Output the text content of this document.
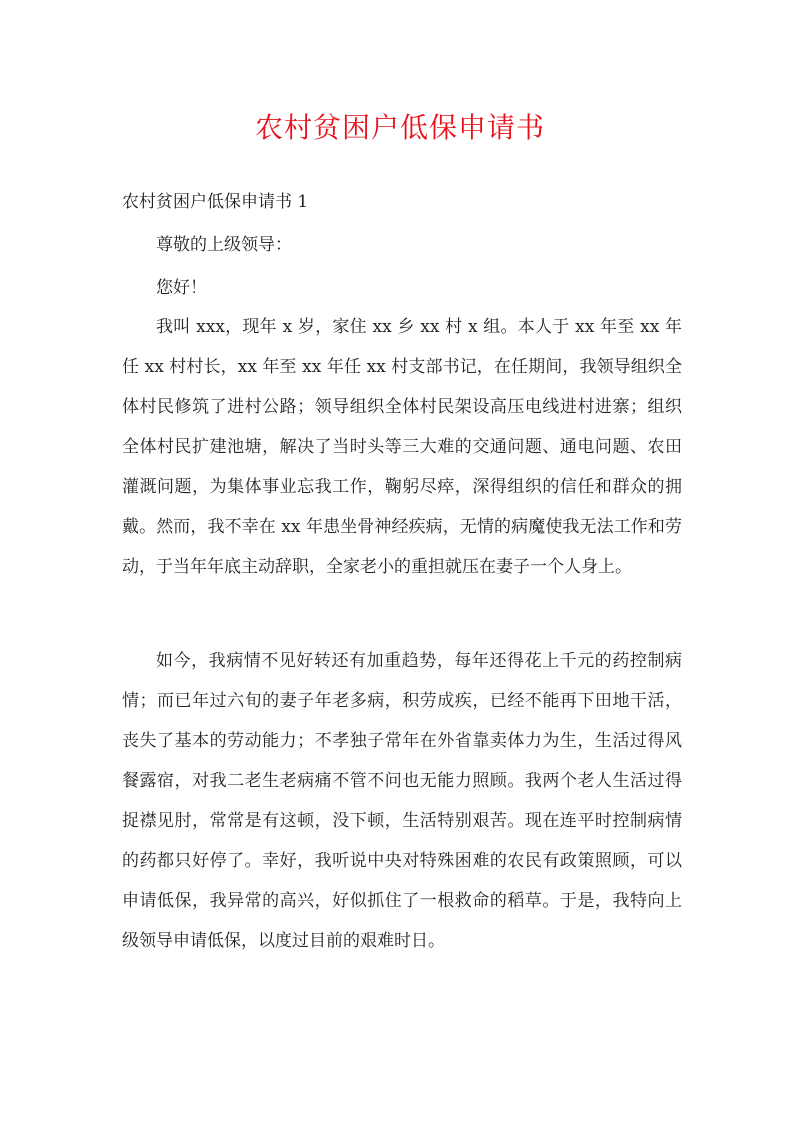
农村贫困户低保申请书

农村贫困户低保申请书 1

尊敬的上级领导：

您好！

我叫 xxx，现年 x 岁，家住 xx 乡 xx 村 x 组。本人于 xx 年至 xx 年任 xx 村村长，xx 年至 xx 年任 xx 村支部书记，在任期间，我领导组织全体村民修筑了进村公路；领导组织全体村民架设高压电线进村进寨；组织全体村民扩建池塘，解决了当时头等三大难的交通问题、通电问题、农田灌溉问题，为集体事业忘我工作，鞠躬尽瘁，深得组织的信任和群众的拥戴。然而，我不幸在 xx 年患坐骨神经疾病，无情的病魔使我无法工作和劳动，于当年年底主动辞职，全家老小的重担就压在妻子一个人身上。

如今，我病情不见好转还有加重趋势，每年还得花上千元的药控制病情；而已年过六旬的妻子年老多病，积劳成疾，已经不能再下田地干活，丧失了基本的劳动能力；不孝独子常年在外省靠卖体力为生，生活过得风餐露宿，对我二老生老病痛不管不问也无能力照顾。我两个老人生活过得捉襟见肘，常常是有这顿，没下顿，生活特别艰苦。现在连平时控制病情的药都只好停了。幸好，我听说中央对特殊困难的农民有政策照顾，可以申请低保，我异常的高兴，好似抓住了一根救命的稻草。于是，我特向上级领导申请低保，以度过目前的艰难时日。
